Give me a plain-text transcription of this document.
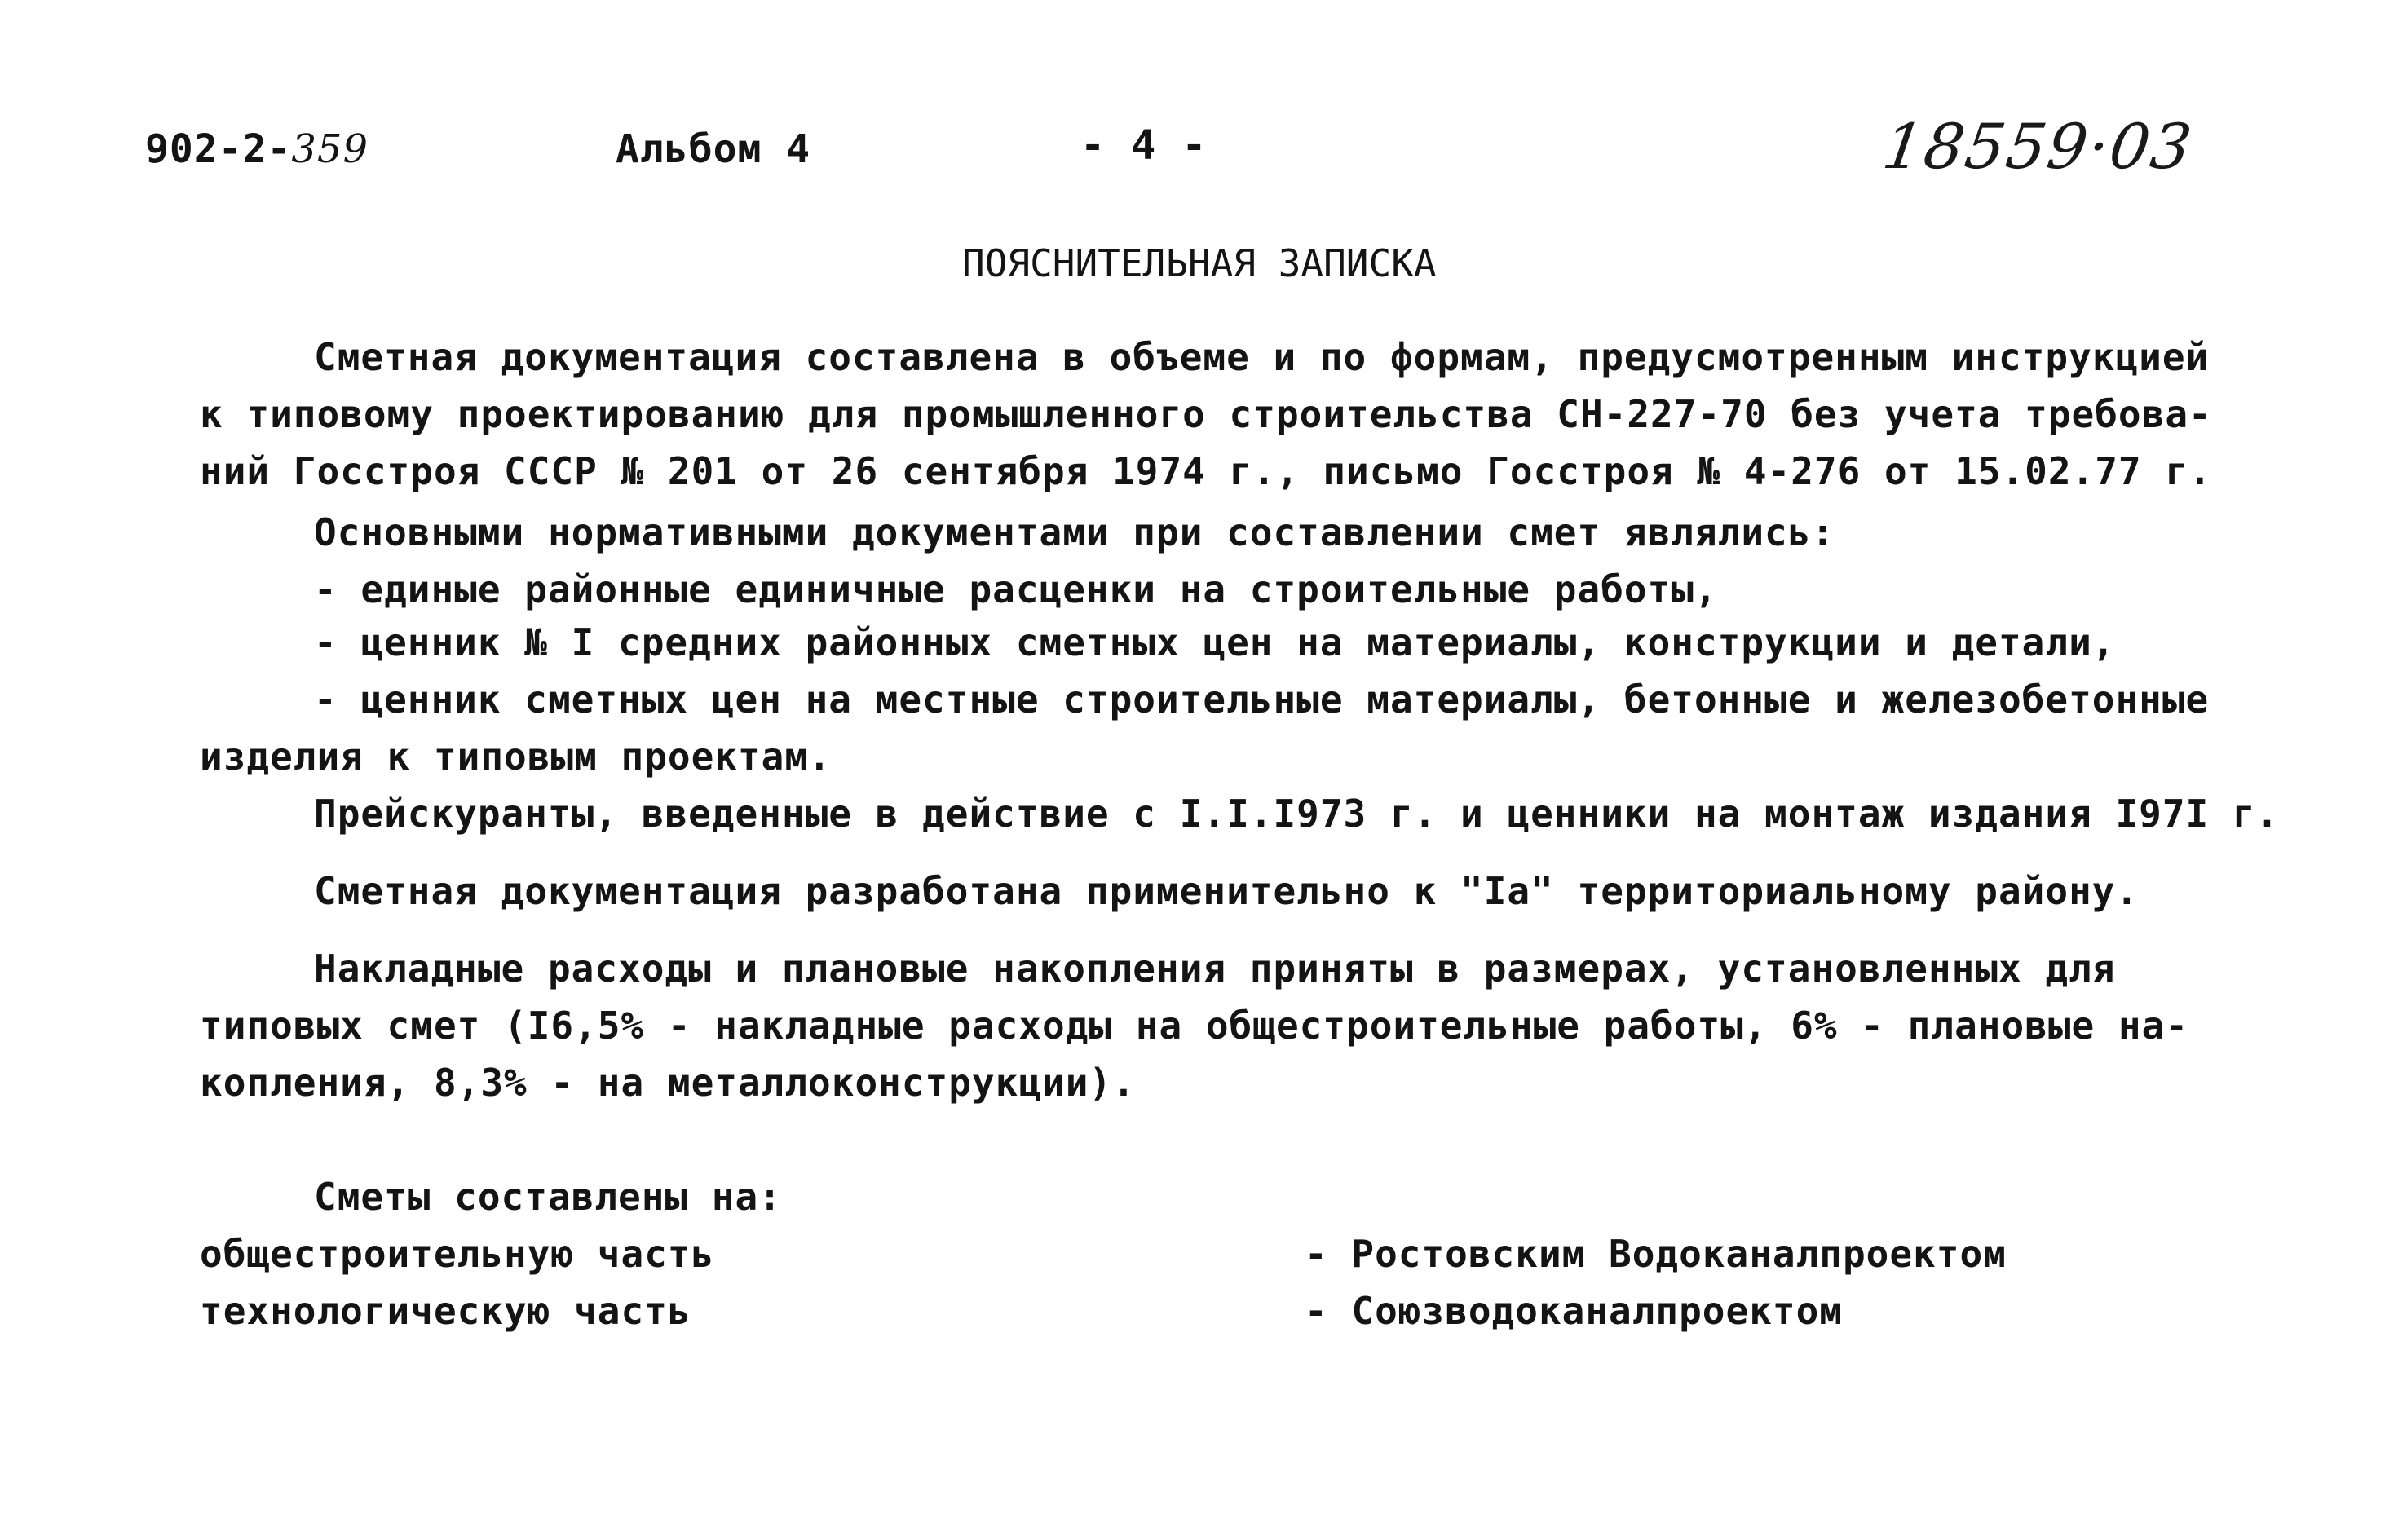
902-2-359	Альбом 4	- 4 -	18559·03
ПОЯСНИТЕЛЬНАЯ ЗАПИСКА
Сметная документация составлена в объеме и по формам, предусмотренным инструкцией
к типовому проектированию для промышленного строительства СН-227-70 без учета требова-
ний Госстроя СССР № 201 от 26 сентября 1974 г., письмо Госстроя № 4-276 от 15.02.77 г.
Основными нормативными документами при составлении смет являлись:
- единые районные единичные расценки на строительные работы,
- ценник № I средних районных сметных цен на материалы, конструкции и детали,
- ценник сметных цен на местные строительные материалы, бетонные и железобетонные
изделия к типовым проектам.
Прейскуранты, введенные в действие с I.I.I973 г. и ценники на монтаж издания I97I г.
Сметная документация разработана применительно к "Iа" территориальному району.
Накладные расходы и плановые накопления приняты в размерах, установленных для
типовых смет (I6,5% - накладные расходы на общестроительные работы, 6% - плановые на-
копления, 8,3% - на металлоконструкции).
Сметы составлены на:
общестроительную часть	- Ростовским Водоканалпроектом
технологическую часть	- Союзводоканалпроектом
